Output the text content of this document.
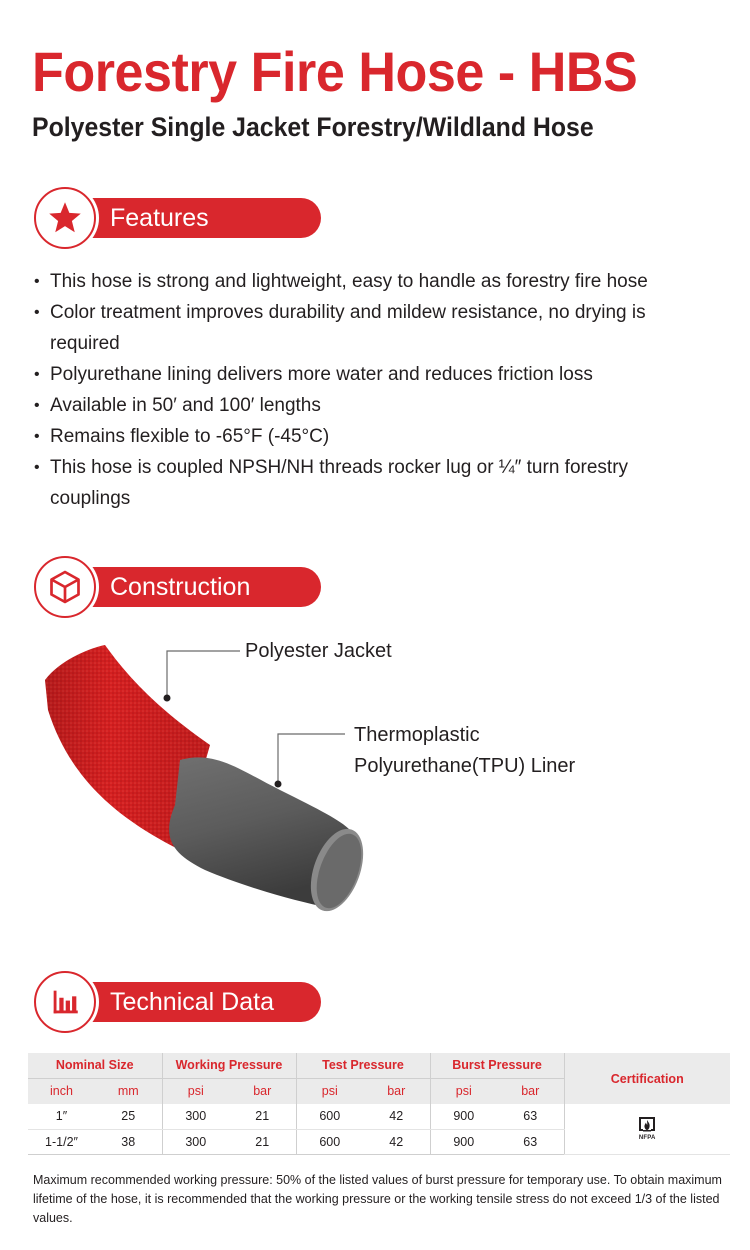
Forestry Fire Hose - HBS
Polyester Single Jacket Forestry/Wildland Hose
Features
• This hose is strong and lightweight, easy to handle as forestry fire hose
• Color treatment improves durability and mildew resistance, no drying is required
• Polyurethane lining delivers more water and reduces friction loss
• Available in 50′ and 100′ lengths
• Remains flexible to -65°F (-45°C)
• This hose is coupled NPSH/NH threads rocker lug or ¼″ turn forestry couplings
Construction
Polyester Jacket
Thermoplastic
Polyurethane(TPU) Liner
Technical Data
Nominal Size		Working Pressure		Test Pressure		Burst Pressure		Certification
inch	mm	psi	bar	psi	bar	psi	bar	
1″	25	300	21	600	42	900	63	NFPA

1-1/2″	38	300	21	600	42	900	63	

Maximum recommended working pressure: 50% of the listed values of burst pressure for temporary use. To obtain maximum lifetime of the hose, it is recommended that the working pressure or the working tensile stress do not exceed 1/3 of the listed values.
